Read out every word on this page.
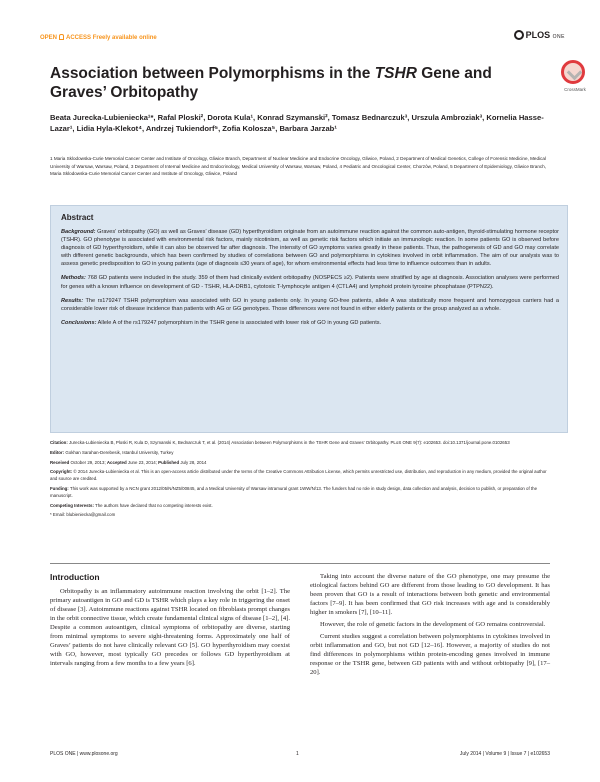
OPEN ACCESS Freely available online	PLOS ONE
CrossMark
Association between Polymorphisms in the TSHR Gene and Graves’ Orbitopathy
Beata Jurecka-Lubieniecka¹*, Rafal Ploski², Dorota Kula¹, Konrad Szymanski², Tomasz Bednarczuk³, Urszula Ambroziak³, Kornelia Hasse-Lazar¹, Lidia Hyla-Klekot⁴, Andrzej Tukiendorf⁵, Zofia Kolosza⁵, Barbara Jarzab¹
1 Maria Sklodowska-Curie Memorial Cancer Center and Institute of Oncology, Gliwice Branch, Department of Nuclear Medicine and Endocrine Oncology, Gliwice, Poland, 2 Department of Medical Genetics, College of Forensic Medicine, Medical University of Warsaw, Warsaw, Poland, 3 Department of Internal Medicine and Endocrinology, Medical University of Warsaw, Warsaw, Poland, 4 Pediatric and Oncological Center, Chorzów, Poland, 5 Department of Epidemiology, Gliwice Branch, Maria Sklodowska-Curie Memorial Cancer Center and Institute of Oncology, Gliwice, Poland
Abstract

Background: Graves’ orbitopathy (GO) as well as Graves’ disease (GD) hyperthyroidism originate from an autoimmune reaction against the common auto-antigen, thyroid-stimulating hormone receptor (TSHR). GO phenotype is associated with environmental risk factors, mainly nicotinism, as well as genetic risk factors which initiate an immunologic reaction. In some patients GO is observed before diagnosis of GD hyperthyroidism, while it can also be observed far after diagnosis. The intensity of GO symptoms varies greatly in these patients. Thus, the pathogenesis of GD and GO may correlate with different genetic backgrounds, which has been confirmed by studies of correlations between GO and polymorphisms in cytokines involved in orbit inflammation. The aim of our analysis was to assess genetic predisposition to GO in young patients (age of diagnosis ≤30 years of age), for whom environmental effects had less time to influence outcomes than in adults.

Methods: 768 GD patients were included in the study. 359 of them had clinically evident orbitopathy (NOSPECS ≥2). Patients were stratified by age at diagnosis. Association analyses were performed for genes with a known influence on development of GD - TSHR, HLA-DRB1, cytotoxic T-lymphocyte antigen 4 (CTLA4) and lymphoid protein tyrosine phosphatase (PTPN22).

Results: The rs179247 TSHR polymorphism was associated with GO in young patients only. In young GO-free patients, allele A was statistically more frequent and homozygous carriers had a considerable lower risk of disease incidence than patients with AG or GG genotypes. Those differences were not found in either elderly patients or the group analyzed as a whole.

Conclusions: Allele A of the rs179247 polymorphism in the TSHR gene is associated with lower risk of GO in young GD patients.

Citation: Jurecka-Lubieniecka B, Ploski R, Kula D, Szymanski K, Bednarczuk T, et al. (2014) Association between Polymorphisms in the TSHR Gene and Graves’ Orbitopathy. PLoS ONE 9(7): e102653. doi:10.1371/journal.pone.0102653

Editor: Gokhan Sarahan-Derebesik, Istanbul University, Turkey

Received October 29, 2013; Accepted June 23, 2014; Published July 28, 2014

Copyright: © 2014 Jurecka-Lubieniecka et al. This is an open-access article distributed under the terms of the Creative Commons Attribution License, which permits unrestricted use, distribution, and reproduction in any medium, provided the original author and source are credited.

Funding: This work was supported by a NCN grant 2012/05/N/NZ5/00845, and a Medical University of Warsaw intramural grant 1WW/N/13. The funders had no role in study design, data collection and analysis, decision to publish, or preparation of the manuscript.

Competing Interests: The authors have declared that no competing interests exist.

* Email: blubieniecka@gmail.com

Introduction

Orbitopathy is an inflammatory autoimmune reaction involving the orbit [1–2]. The primary autoantigen in GO and GD is TSHR which plays a key role in triggering the onset of disease [3]. Autoimmune reactions against TSHR located on fibroblasts prompt changes in the orbit connective tissue, which create fundamental clinical signs of disease [1–2], [4]. Despite a common autoantigen, clinical symptoms of orbitopathy are diverse, starting from minimal symptoms to severe sight-threatening forms. Approximately one half of Graves’ patients do not have clinically relevant GO [5]. GO hyperthyroidism may coexist with GO, however, most typically GO precedes or follows GD hyperthyroidism at intervals ranging from a few months to a few years [6].

Taking into account the diverse nature of the GO phenotype, one may presume the etiological factors behind GO are different from those leading to GO development. It has been proven that GO is a result of interactions between both genetic and environmental factors [7–9]. It has been confirmed that GO risk increases with age and is considerably higher in smokers [7], [10–11].

However, the role of genetic factors in the development of GO remains controversial.

Current studies suggest a correlation between polymorphisms in cytokines involved in orbit inflammation and GO, but not GD [12–16]. However, a majority of studies do not find differences in polymorphisms within protein-encoding genes involved in immune response or the TSHR gene, between GD patients with and without orbitopathy [9], [17–20].

PLOS ONE | www.plosone.org	1	July 2014 | Volume 9 | Issue 7 | e102653
